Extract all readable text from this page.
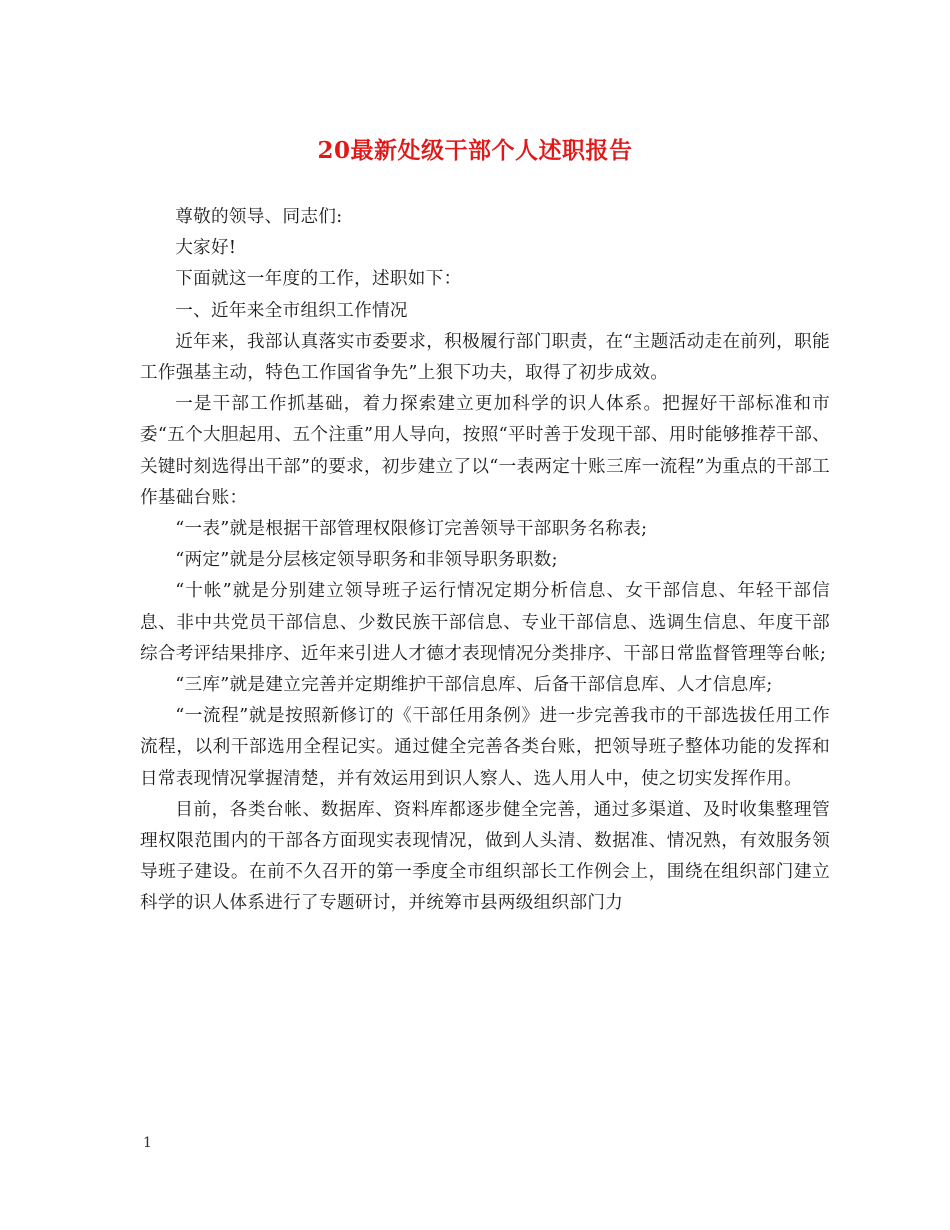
20最新处级干部个人述职报告

尊敬的领导、同志们:

大家好!

下面就这一年度的工作，述职如下：

一、近年来全市组织工作情况

近年来，我部认真落实市委要求，积极履行部门职责，在“主题活动走在前列，职能工作强基主动，特色工作国省争先”上狠下功夫，取得了初步成效。

一是干部工作抓基础，着力探索建立更加科学的识人体系。把握好干部标准和市委“五个大胆起用、五个注重”用人导向，按照“平时善于发现干部、用时能够推荐干部、关键时刻选得出干部”的要求，初步建立了以“一表两定十账三库一流程”为重点的干部工作基础台账：

“一表”就是根据干部管理权限修订完善领导干部职务名称表;

“两定”就是分层核定领导职务和非领导职务职数;

“十帐”就是分别建立领导班子运行情况定期分析信息、女干部信息、年轻干部信息、非中共党员干部信息、少数民族干部信息、专业干部信息、选调生信息、年度干部综合考评结果排序、近年来引进人才德才表现情况分类排序、干部日常监督管理等台帐;

“三库”就是建立完善并定期维护干部信息库、后备干部信息库、人才信息库;

“一流程”就是按照新修订的《干部任用条例》进一步完善我市的干部选拔任用工作流程，以利干部选用全程记实。通过健全完善各类台账，把领导班子整体功能的发挥和日常表现情况掌握清楚，并有效运用到识人察人、选人用人中，使之切实发挥作用。

目前，各类台帐、数据库、资料库都逐步健全完善，通过多渠道、及时收集整理管理权限范围内的干部各方面现实表现情况，做到人头清、数据准、情况熟，有效服务领导班子建设。在前不久召开的第一季度全市组织部长工作例会上，围绕在组织部门建立科学的识人体系进行了专题研讨，并统筹市县两级组织部门力

1
